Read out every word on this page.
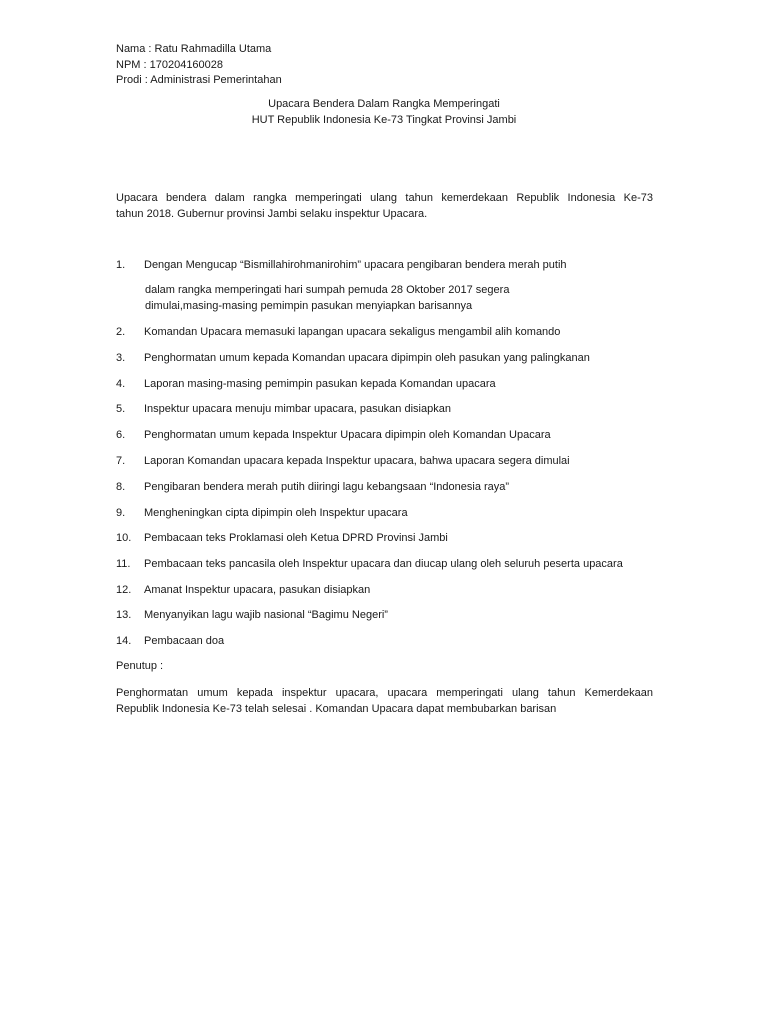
Nama : Ratu Rahmadilla Utama
NPM : 170204160028
Prodi : Administrasi Pemerintahan
Upacara Bendera Dalam Rangka Memperingati
HUT Republik Indonesia Ke-73 Tingkat Provinsi Jambi
Upacara bendera dalam rangka memperingati ulang tahun kemerdekaan Republik Indonesia Ke-73
tahun 2018. Gubernur provinsi Jambi selaku inspektur Upacara.
1. Dengan Mengucap “Bismillahirohmanirohim” upacara pengibaran bendera merah putih
dalam rangka memperingati hari sumpah pemuda 28 Oktober 2017 segera
dimulai,masing-masing pemimpin pasukan menyiapkan barisannya
2. Komandan Upacara memasuki lapangan upacara sekaligus mengambil alih komando
3. Penghormatan umum kepada Komandan upacara dipimpin oleh pasukan yang palingkanan
4. Laporan masing-masing pemimpin pasukan kepada Komandan upacara
5. Inspektur upacara menuju mimbar upacara, pasukan disiapkan
6. Penghormatan umum kepada Inspektur Upacara dipimpin oleh Komandan Upacara
7. Laporan Komandan upacara kepada Inspektur upacara, bahwa upacara segera dimulai
8. Pengibaran bendera merah putih diiringi lagu kebangsaan “Indonesia raya”
9. Mengheningkan cipta dipimpin oleh Inspektur upacara
10. Pembacaan teks Proklamasi oleh Ketua DPRD Provinsi Jambi
11. Pembacaan teks pancasila oleh Inspektur upacara dan diucap ulang oleh seluruh peserta upacara
12. Amanat Inspektur upacara, pasukan disiapkan
13. Menyanyikan lagu wajib nasional “Bagimu Negeri”
14. Pembacaan doa
Penutup :
Penghormatan umum kepada inspektur upacara, upacara memperingati ulang tahun Kemerdekaan
Republik Indonesia Ke-73 telah selesai . Komandan Upacara dapat membubarkan barisan
